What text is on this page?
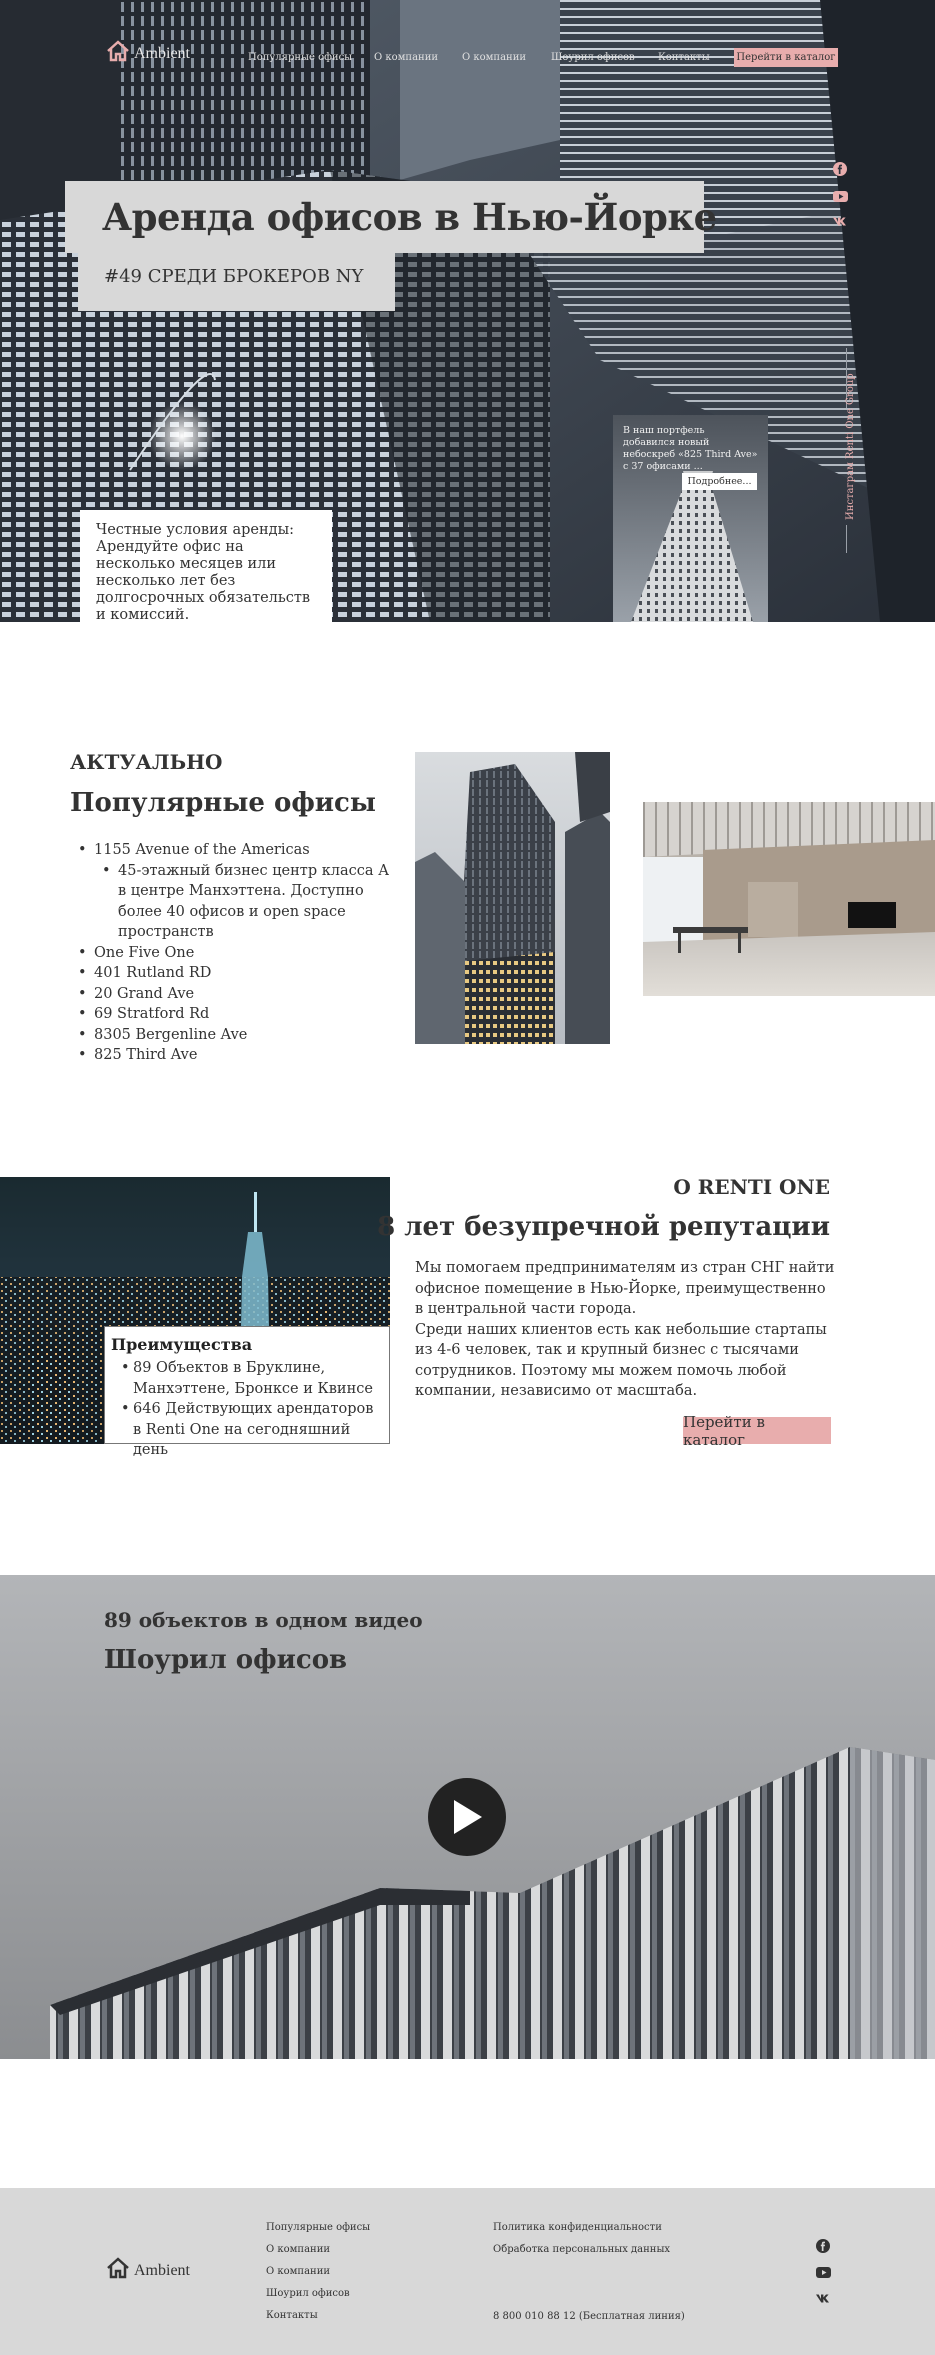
Ambient	Популярные офисы О компании О компании Шоурил офисов Контакты	Перейти в каталог
Аренда офисов в Нью-Йорке
#49 СРЕДИ БРОКЕРОВ NY

Честные условия аренды: Арендуйте офис на несколько месяцев или несколько лет без долгосрочных обязательств и комиссий.

В наш портфель добавился новый небоскреб «825 Third Ave» с 37 офисами ...
Подробнее...	Инстаграм Renti One Group
АКТУАЛЬНО
Популярные офисы
• 1155 Avenue of the Americas
• 45-этажный бизнес центр класса А в центре Манхэттена. Доступно более 40 офисов и open space пространств
• One Five One
• 401 Rutland RD
• 20 Grand Ave
• 69 Stratford Rd
• 8305 Bergenline Ave
• 825 Third Ave
Преимущества
• 89 Объектов в Бруклине, Манхэттене, Бронксе и Квинсе
• 646 Действующих арендаторов в Renti One на сегодняшний день
О RENTI ONE
8 лет безупречной репутации

Мы помогаем предпринимателям из стран СНГ найти офисное помещение в Нью-Йорке, преимущественно в центральной части города.

Среди наших клиентов есть как небольшие стартапы из 4-6 человек, так и крупный бизнес с тысячами сотрудников. Поэтому мы можем помочь любой компании, независимо от масштаба.

Перейти в каталог
89 объектов в одном видео
Шоурил офисов
Ambient
Популярные офисы
О компании
О компании
Шоурил офисов
Контакты
Политика конфиденциальности
Обработка персональных данных
8 800 010 88 12 (Бесплатная линия)
